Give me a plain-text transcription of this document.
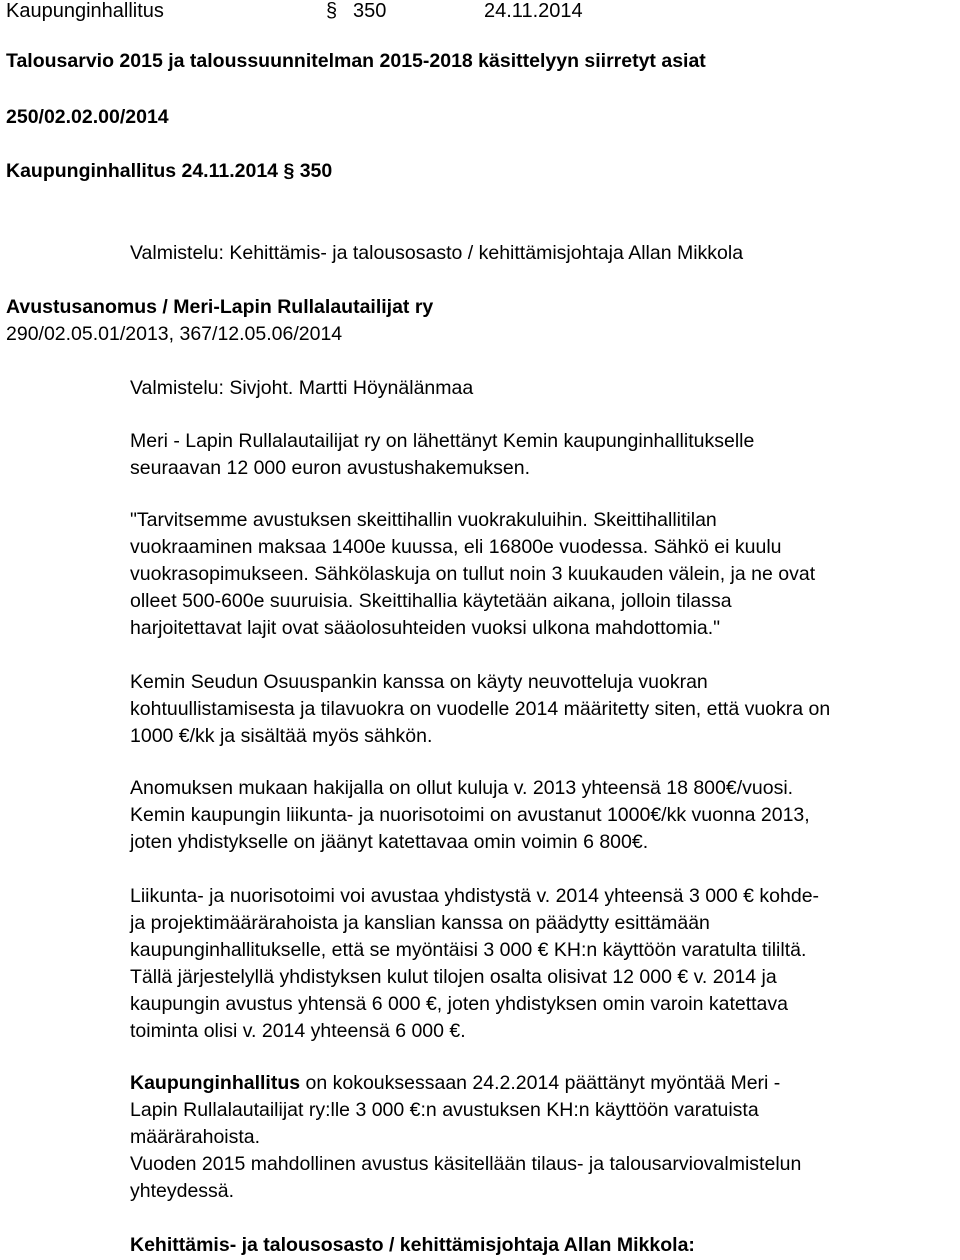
Kaupunginhallitus	§ 350	24.11.2014
Talousarvio 2015 ja taloussuunnitelman 2015-2018 käsittelyyn siirretyt asiat
250/02.02.00/2014
Kaupunginhallitus 24.11.2014 § 350
Valmistelu: Kehittämis- ja talousosasto / kehittämisjohtaja Allan Mikkola
Avustusanomus / Meri-Lapin Rullalautailijat ry
290/02.05.01/2013, 367/12.05.06/2014
Valmistelu: Sivjoht. Martti Höynälänmaa

Meri - Lapin Rullalautailijat ry on lähettänyt Kemin kaupunginhallitukselle

seuraavan 12 000 euron avustushakemuksen.

"Tarvitsemme avustuksen skeittihallin vuokrakuluihin. Skeittihallitilan

vuokraaminen maksaa 1400e kuussa, eli 16800e vuodessa. Sähkö ei kuulu

vuokrasopimukseen. Sähkölaskuja on tullut noin 3 kuukauden välein, ja ne ovat

olleet 500-600e suuruisia. Skeittihallia käytetään aikana, jolloin tilassa

harjoitettavat lajit ovat sääolosuhteiden vuoksi ulkona mahdottomia."

Kemin Seudun Osuuspankin kanssa on käyty neuvotteluja vuokran

kohtuullistamisesta ja tilavuokra on vuodelle 2014 määritetty siten, että vuokra on

1000 €/kk ja sisältää myös sähkön.

Anomuksen mukaan hakijalla on ollut kuluja v. 2013 yhteensä 18 800€/vuosi.

Kemin kaupungin liikunta- ja nuorisotoimi on avustanut 1000€/kk vuonna 2013,

joten yhdistykselle on jäänyt katettavaa omin voimin 6 800€.

Liikunta- ja nuorisotoimi voi avustaa yhdistystä v. 2014 yhteensä 3 000 € kohde-

ja projektimäärärahoista ja kanslian kanssa on päädytty esittämään

kaupunginhallitukselle, että se myöntäisi 3 000 € KH:n käyttöön varatulta tililtä.

Tällä järjestelyllä yhdistyksen kulut tilojen osalta olisivat 12 000 € v. 2014 ja

kaupungin avustus yhtensä 6 000 €, joten yhdistyksen omin varoin katettava

toiminta olisi v. 2014 yhteensä 6 000 €.

Kaupunginhallitus on kokouksessaan 24.2.2014 päättänyt myöntää Meri -

Lapin Rullalautailijat ry:lle 3 000 €:n avustuksen KH:n käyttöön varatuista

määrärahoista.

Vuoden 2015 mahdollinen avustus käsitellään tilaus- ja talousarviovalmistelun

yhteydessä.

Kehittämis- ja talousosasto / kehittämisjohtaja Allan Mikkola:
